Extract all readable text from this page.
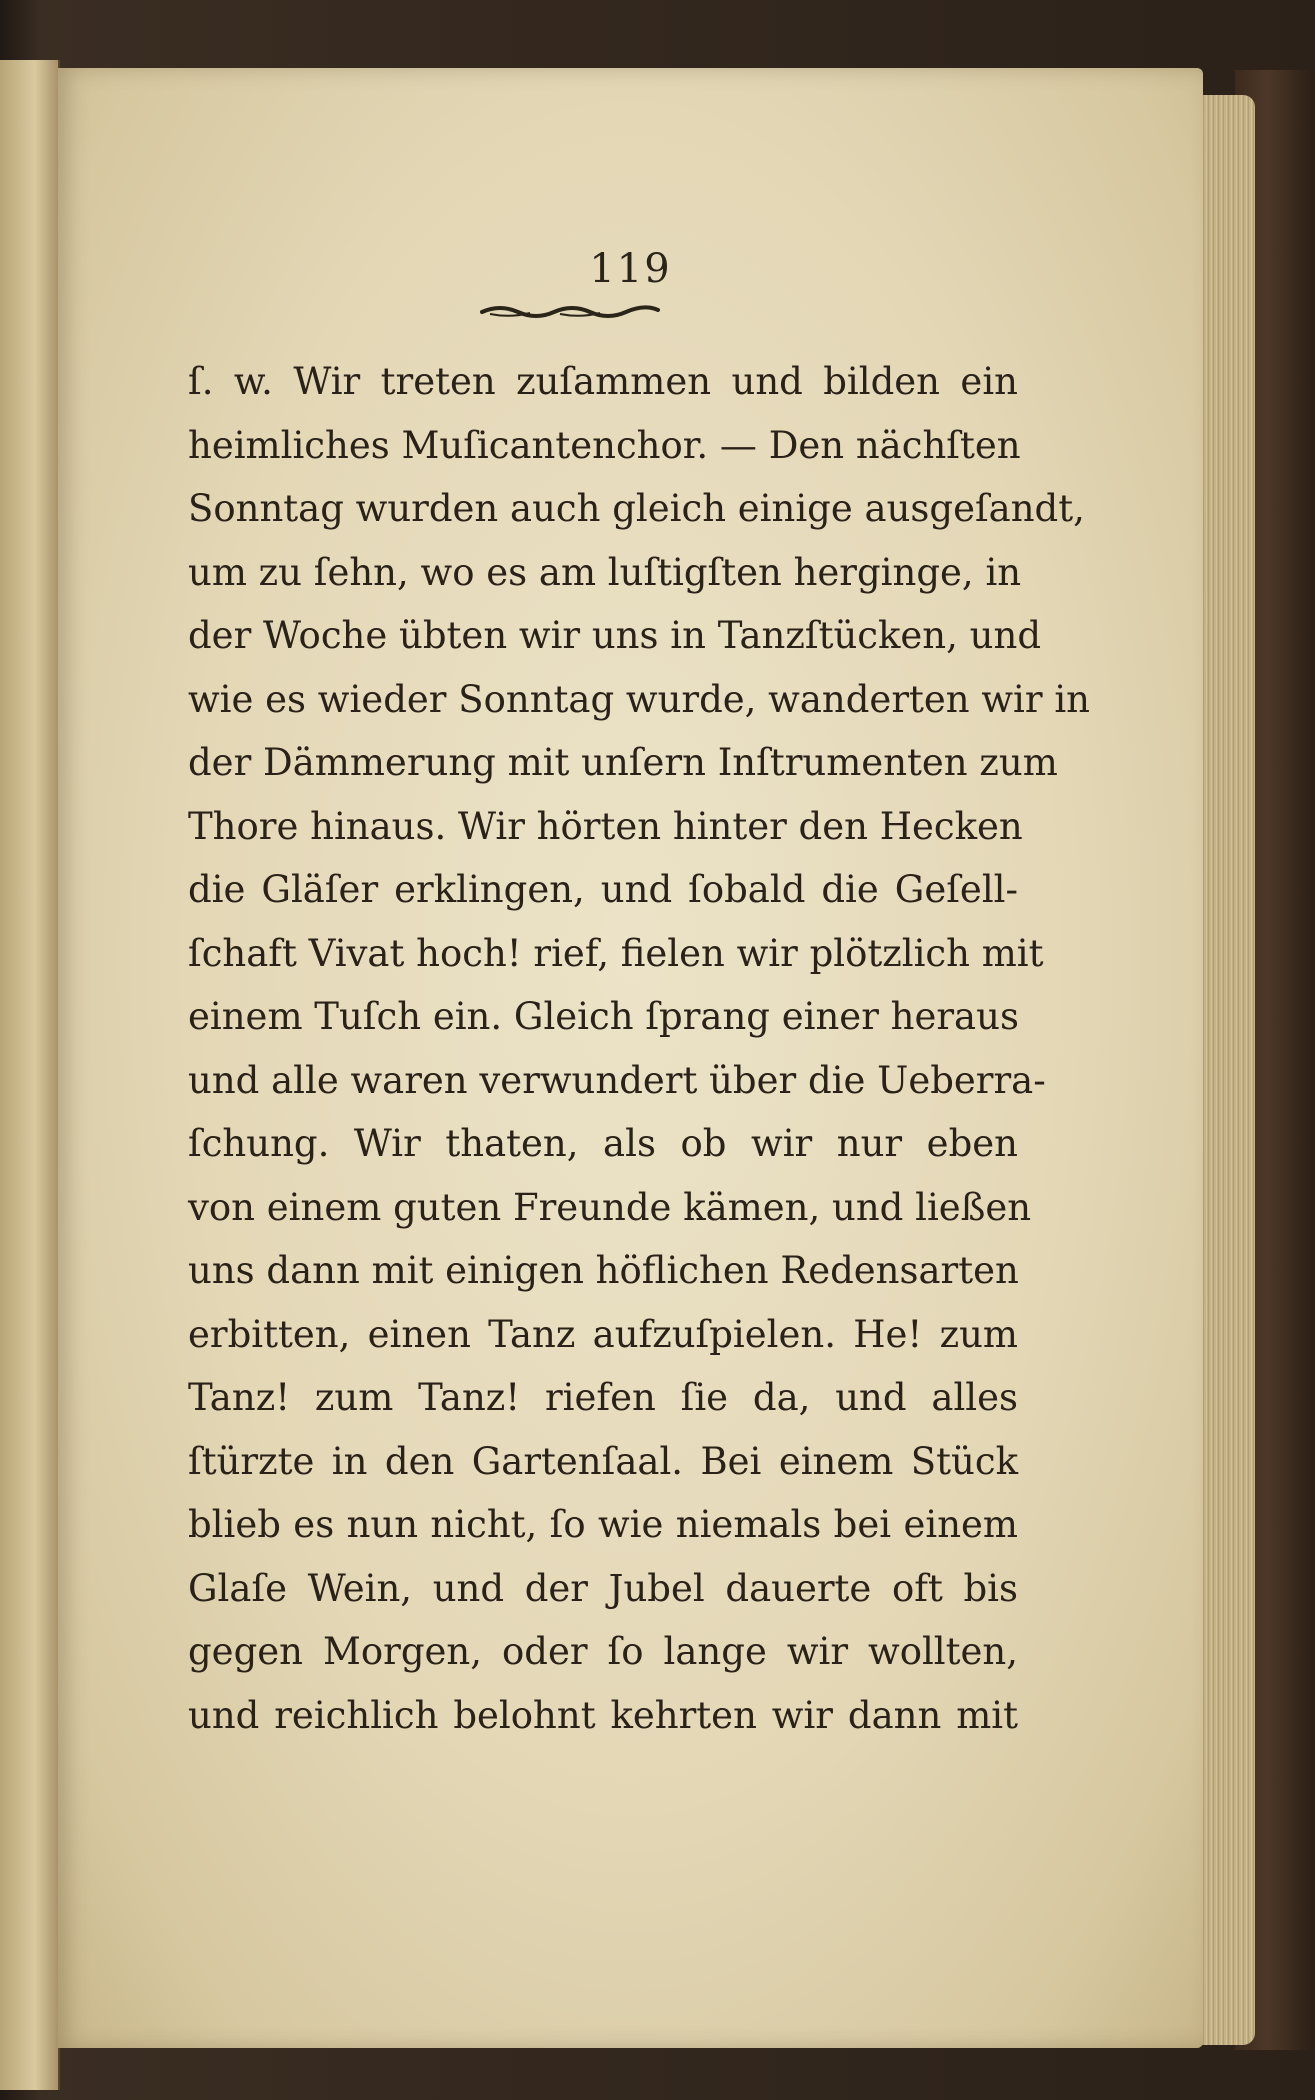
119
ſ. w. Wir treten zuſammen und bilden ein
heimliches Muſicantenchor. — Den nächſten
Sonntag wurden auch gleich einige ausgeſandt,
um zu ſehn, wo es am luſtigſten herginge, in
der Woche übten wir uns in Tanzſtücken, und
wie es wieder Sonntag wurde, wanderten wir in
der Dämmerung mit unſern Inſtrumenten zum
Thore hinaus. Wir hörten hinter den Hecken
die Gläſer erklingen, und ſobald die Geſell-
ſchaft Vivat hoch! rief, fielen wir plötzlich mit
einem Tuſch ein. Gleich ſprang einer heraus
und alle waren verwundert über die Ueberra-
ſchung. Wir thaten, als ob wir nur eben
von einem guten Freunde kämen, und ließen
uns dann mit einigen höflichen Redensarten
erbitten, einen Tanz aufzuſpielen. He! zum
Tanz! zum Tanz! riefen ſie da, und alles
ſtürzte in den Gartenſaal. Bei einem Stück
blieb es nun nicht, ſo wie niemals bei einem
Glaſe Wein, und der Jubel dauerte oft bis
gegen Morgen, oder ſo lange wir wollten,
und reichlich belohnt kehrten wir dann mit
